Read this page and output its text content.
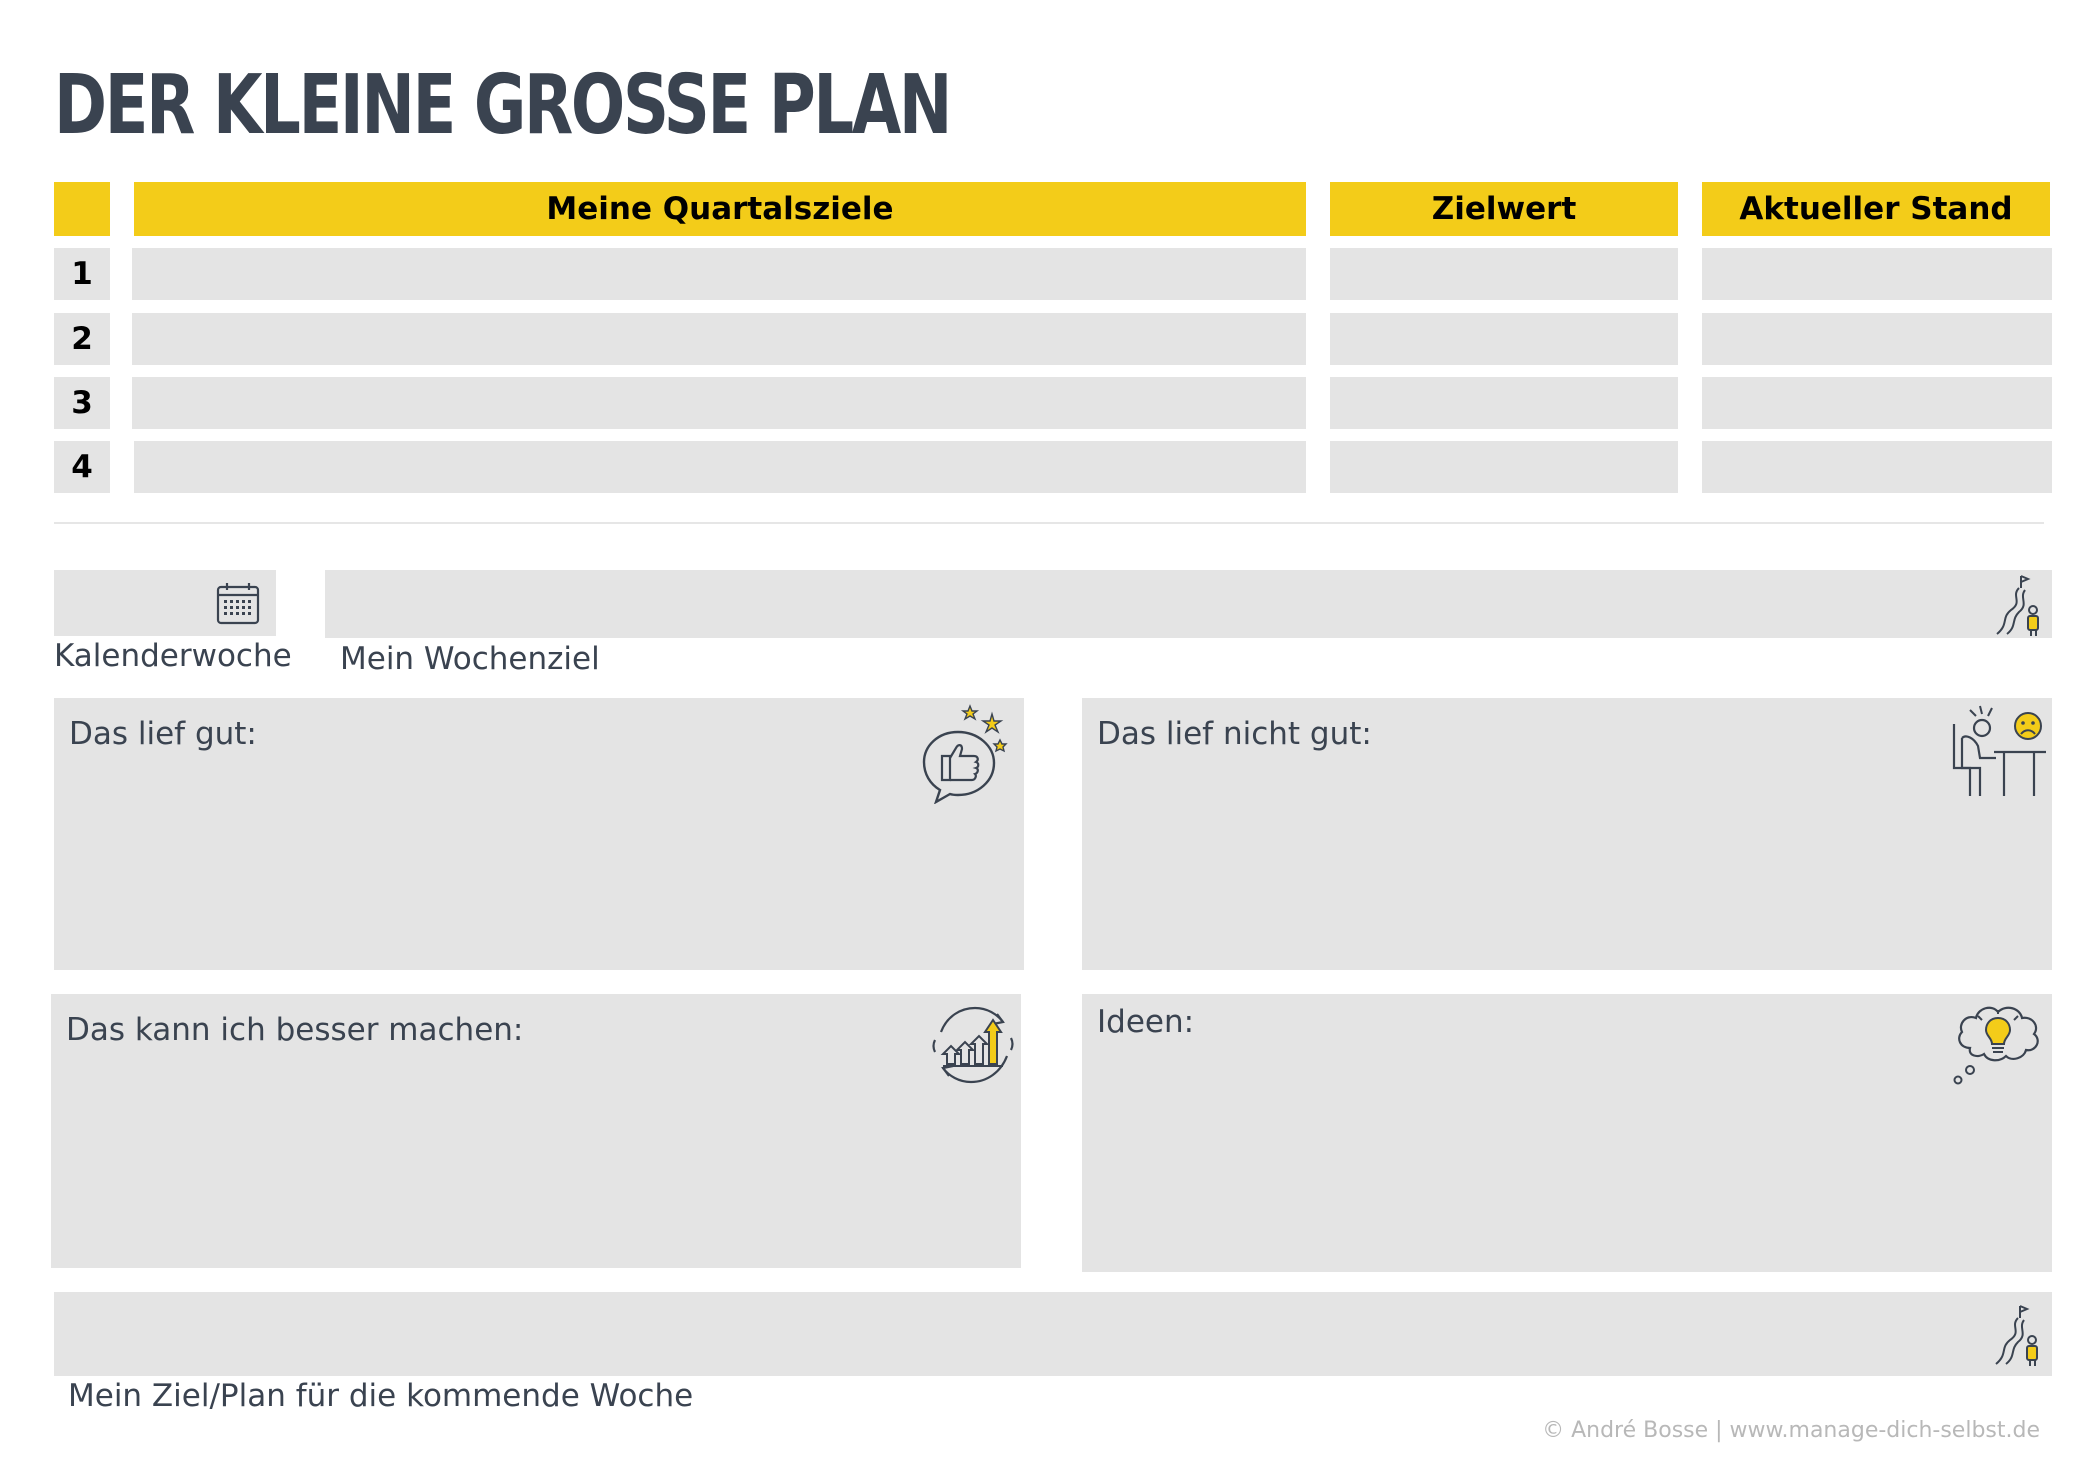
DER KLEINE GROSSE PLAN
Meine Quartalsziele	Zielwert	Aktueller Stand
1
2
3
4
Kalenderwoche Mein Wochenziel
Das lief gut:	Das lief nicht gut:
Das kann ich besser machen:	Ideen:
Mein Ziel/Plan für die kommende Woche
© André Bosse | www.manage-dich-selbst.de
